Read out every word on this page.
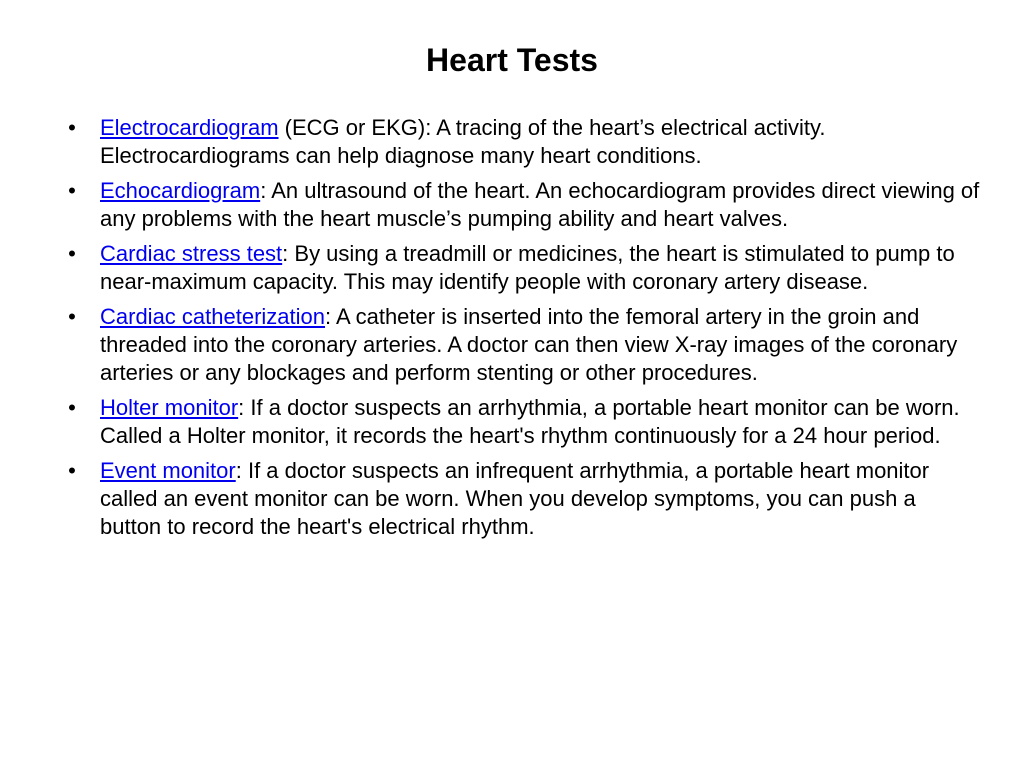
Heart Tests
• Electrocardiogram (ECG or EKG): A tracing of the heart’s electrical activity. Electrocardiograms can help diagnose many heart conditions.
• Echocardiogram: An ultrasound of the heart. An echocardiogram provides direct viewing of any problems with the heart muscle’s pumping ability and heart valves.
• Cardiac stress test: By using a treadmill or medicines, the heart is stimulated to pump to near-maximum capacity. This may identify people with coronary artery disease.
• Cardiac catheterization: A catheter is inserted into the femoral artery in the groin and threaded into the coronary arteries. A doctor can then view X-ray images of the coronary arteries or any blockages and perform stenting or other procedures.
• Holter monitor: If a doctor suspects an arrhythmia, a portable heart monitor can be worn. Called a Holter monitor, it records the heart's rhythm continuously for a 24 hour period.
• Event monitor: If a doctor suspects an infrequent arrhythmia, a portable heart monitor called an event monitor can be worn. When you develop symptoms, you can push a button to record the heart's electrical rhythm.
